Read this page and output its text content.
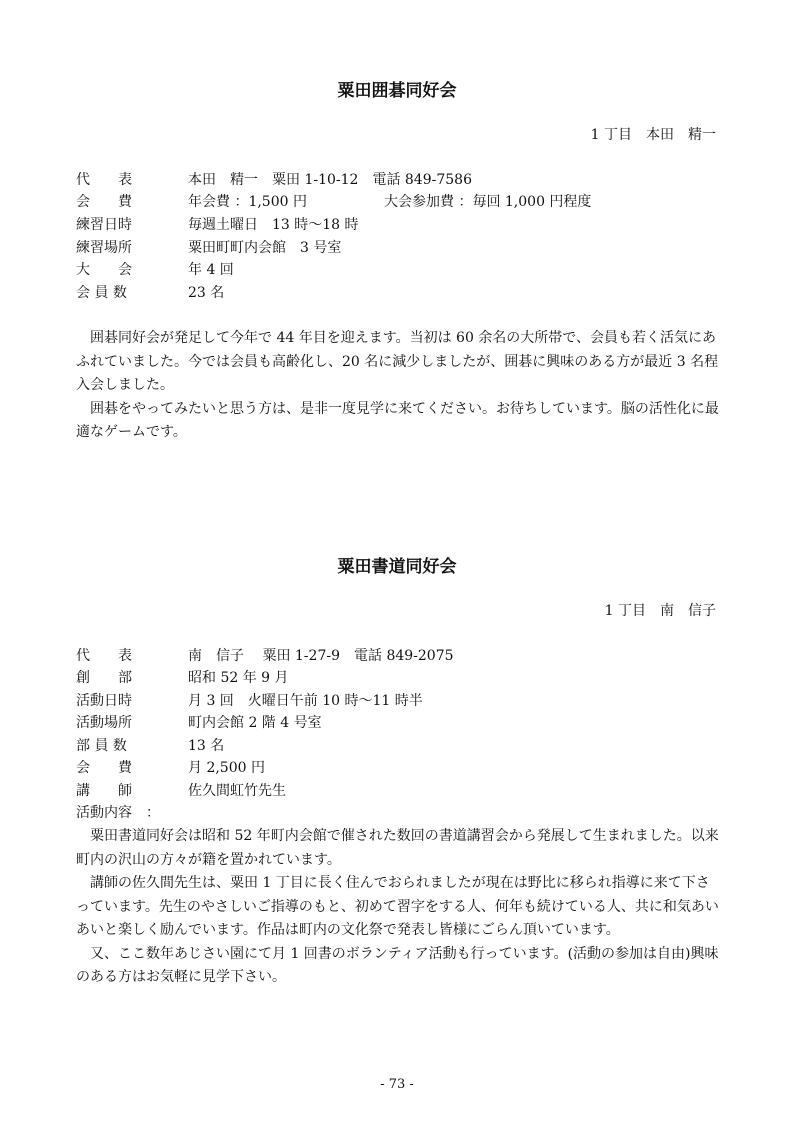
粟田囲碁同好会
1 丁目　本田　精一
代　　表	本田　精一　粟田 1-10-12　電話 849-7586
会　　費	年会費 ：1,500 円	大会参加費 ：毎回 1,000 円程度
練習日時	毎週土曜日　13 時～18 時
練習場所	粟田町町内会館　3 号室
大　　会	年 4 回
会 員 数	23 名

囲碁同好会が発足して今年で 44 年目を迎えます。当初は 60 余名の大所帯で、会員も若く活気にあふれていました。今では会員も高齢化し、20 名に減少しましたが、囲碁に興味のある方が最近 3 名程入会しました。

囲碁をやってみたいと思う方は、是非一度見学に来てください。お待ちしています。脳の活性化に最適なゲームです。

粟田書道同好会
1 丁目　南　信子
代　　表	南　信子　 粟田 1-27-9　電話 849-2075
創　　部	昭和 52 年 9 月
活動日時	月 3 回　火曜日午前 10 時～11 時半
活動場所	町内会館 2 階 4 号室
部 員 数	13 名
会　　費	月 2,500 円
講　　師	佐久間虹竹先生
活動内容　：

粟田書道同好会は昭和 52 年町内会館で催された数回の書道講習会から発展して生まれました。以来町内の沢山の方々が籍を置かれています。

講師の佐久間先生は、粟田 1 丁目に長く住んでおられましたが現在は野比に移られ指導に来て下さっています。先生のやさしいご指導のもと、初めて習字をする人、何年も続けている人、共に和気あいあいと楽しく励んでいます。作品は町内の文化祭で発表し皆様にごらん頂いています。

又、ここ数年あじさい園にて月 1 回書のボランティア活動も行っています。(活動の参加は自由)興味のある方はお気軽に見学下さい。

- 73 -
